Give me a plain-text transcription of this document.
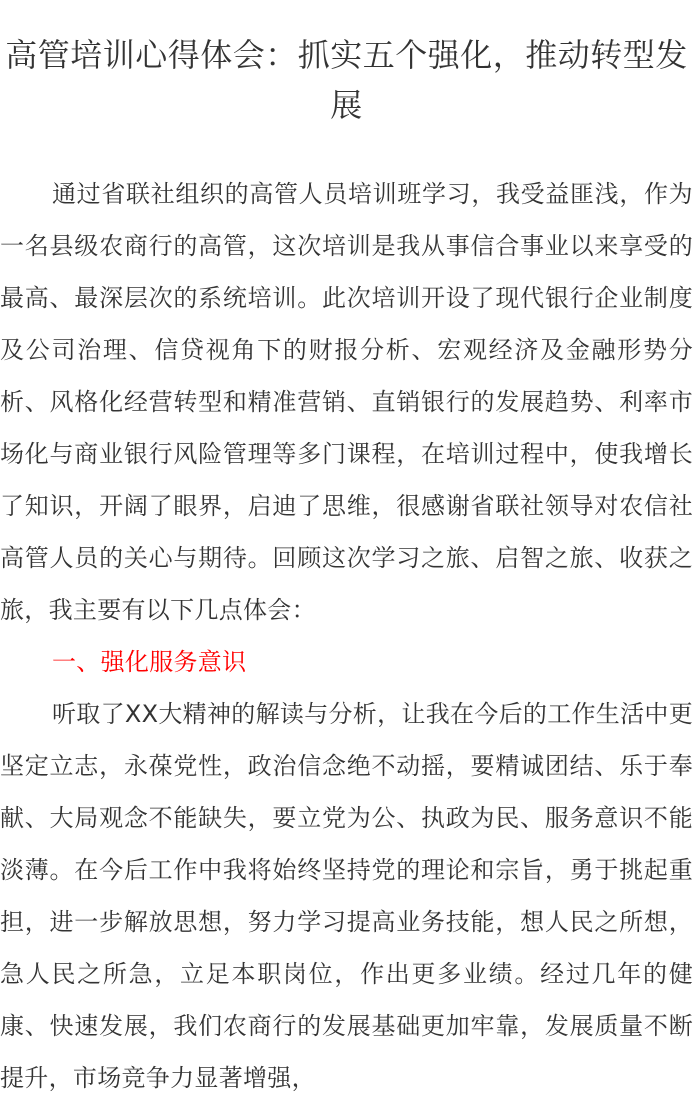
高管培训心得体会：抓实五个强化，推动转型发展

通过省联社组织的高管人员培训班学习，我受益匪浅，作为一名县级农商行的高管，这次培训是我从事信合事业以来享受的最高、最深层次的系统培训。此次培训开设了现代银行企业制度及公司治理、信贷视角下的财报分析、宏观经济及金融形势分析、风格化经营转型和精准营销、直销银行的发展趋势、利率市场化与商业银行风险管理等多门课程，在培训过程中，使我增长了知识，开阔了眼界，启迪了思维，很感谢省联社领导对农信社高管人员的关心与期待。回顾这次学习之旅、启智之旅、收获之旅，我主要有以下几点体会：

一、强化服务意识

听取了XX大精神的解读与分析，让我在今后的工作生活中更坚定立志，永葆党性，政治信念绝不动摇，要精诚团结、乐于奉献、大局观念不能缺失，要立党为公、执政为民、服务意识不能淡薄。在今后工作中我将始终坚持党的理论和宗旨，勇于挑起重担，进一步解放思想，努力学习提高业务技能，想人民之所想，急人民之所急，立足本职岗位，作出更多业绩。经过几年的健康、快速发展，我们农商行的发展基础更加牢靠，发展质量不断提升，市场竞争力显著增强，
